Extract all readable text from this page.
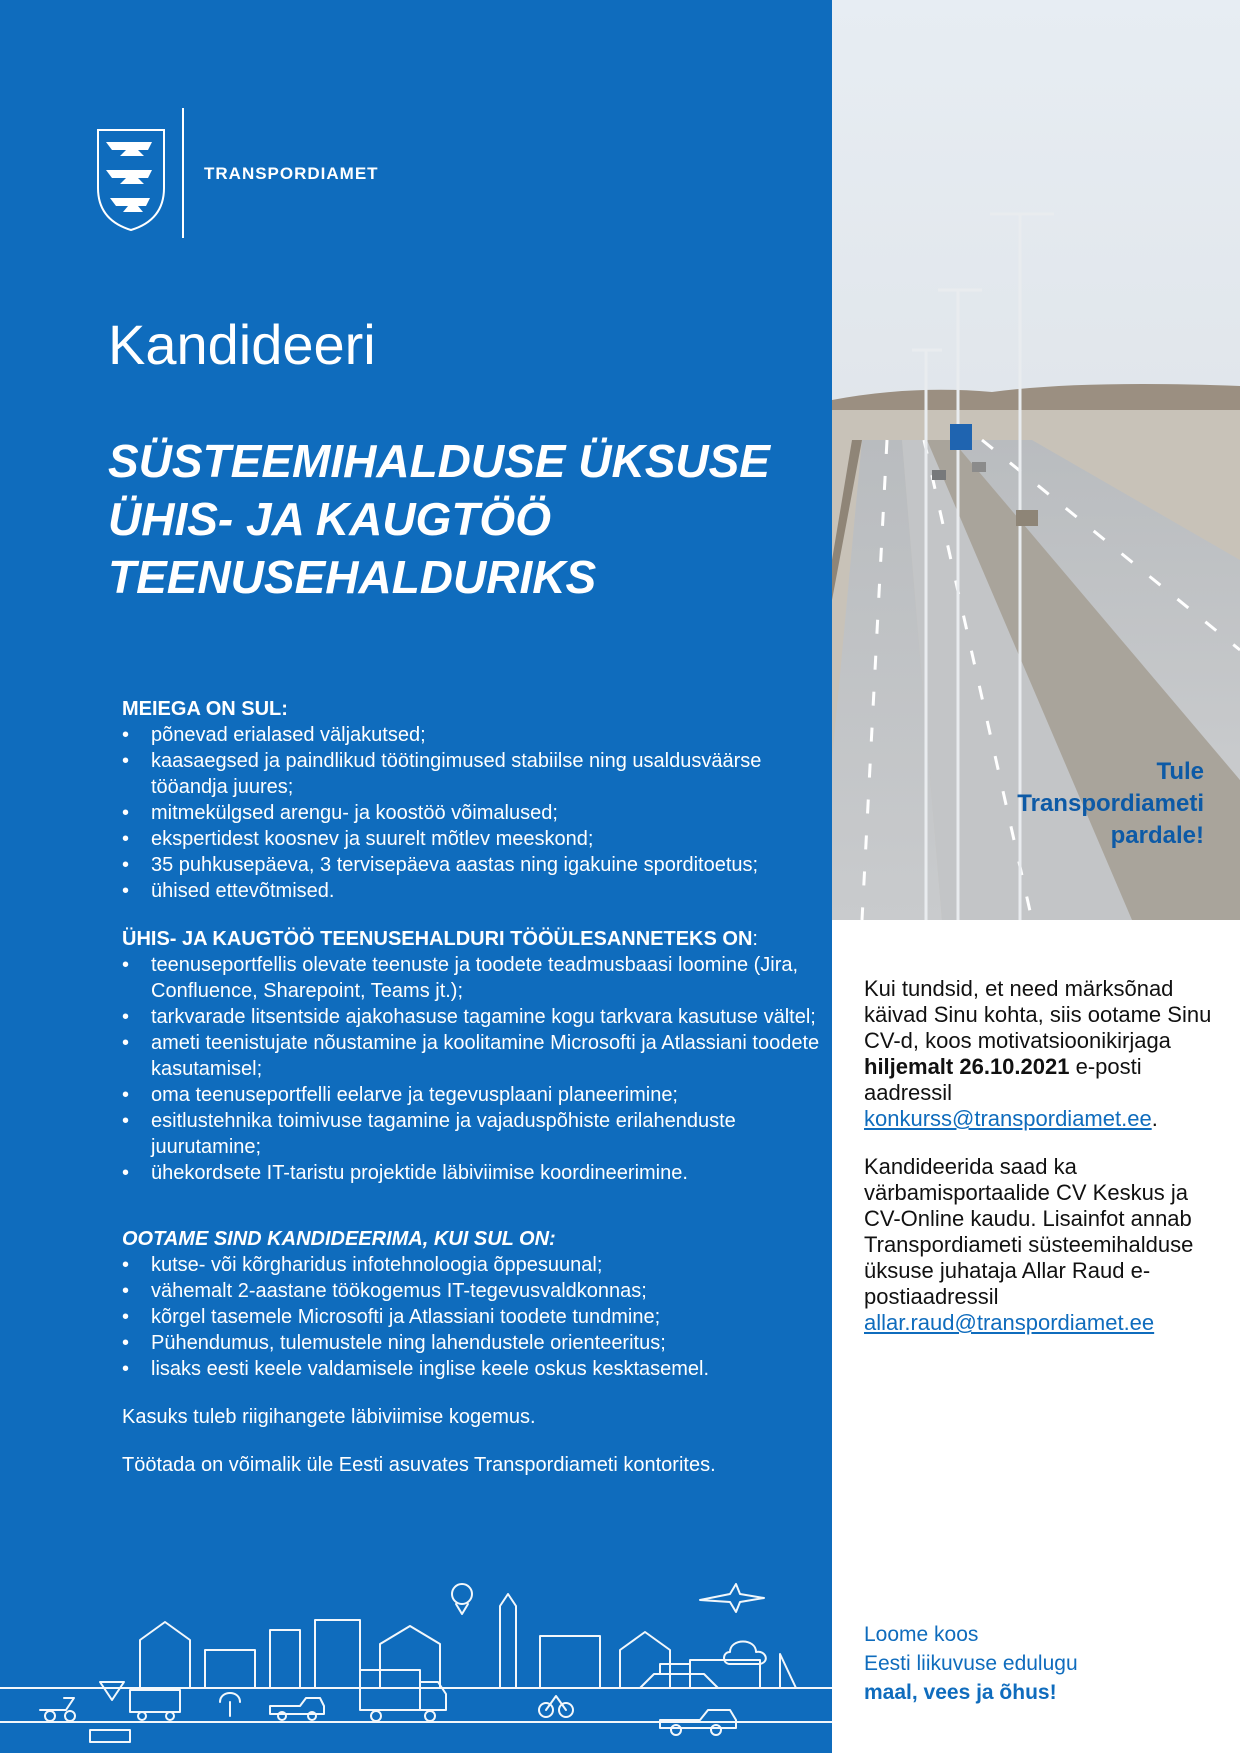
TRANSPORDIAMET
Kandideeri
SÜSTEEMIHALDUSE ÜKSUSE
ÜHIS- JA KAUGTÖÖ
TEENUSEHALDURIKS

MEIEGA ON SUL:

• põnevad erialased väljakutsed;
• kaasaegsed ja paindlikud töötingimused stabiilse ning usaldusväärse tööandja juures;
• mitmekülgsed arengu- ja koostöö võimalused;
• ekspertidest koosnev ja suurelt mõtlev meeskond;
• 35 puhkusepäeva, 3 tervisepäeva aastas ning igakuine sporditoetus;
• ühised ettevõtmised.

ÜHIS- JA KAUGTÖÖ TEENUSEHALDURI TÖÖÜLESANNETEKS ON:

• teenuseportfellis olevate teenuste ja toodete teadmusbaasi loomine (Jira, Confluence, Sharepoint, Teams jt.);
• tarkvarade litsentside ajakohasuse tagamine kogu tarkvara kasutuse vältel;
• ameti teenistujate nõustamine ja koolitamine Microsofti ja Atlassiani toodete kasutamisel;
• oma teenuseportfelli eelarve ja tegevusplaani planeerimine;
• esitlustehnika toimivuse tagamine ja vajaduspõhiste erilahenduste juurutamine;
• ühekordsete IT-taristu projektide läbiviimise koordineerimine.

OOTAME SIND KANDIDEERIMA, KUI SUL ON:

• kutse- või kõrgharidus infotehnoloogia õppesuunal;
• vähemalt 2-aastane töökogemus IT-tegevusvaldkonnas;
• kõrgel tasemele Microsofti ja Atlassiani toodete tundmine;
• Pühendumus, tulemustele ning lahendustele orienteeritus;
• lisaks eesti keele valdamisele inglise keele oskus kesktasemel.

Kasuks tuleb riigihangete läbiviimise kogemus.

Töötada on võimalik üle Eesti asuvates Transpordiameti kontorites.

Tule
Transpordiameti
pardale!

Kui tundsid, et need märksõnad käivad Sinu kohta, siis ootame Sinu CV-d, koos motivatsioonikirjaga hiljemalt 26.10.2021 e-posti aadressil konkurss@transpordiamet.ee.

Kandideerida saad ka värbamisportaalide CV Keskus ja CV-Online kaudu. Lisainfot annab Transpordiameti süsteemihalduse üksuse juhataja Allar Raud e-postiaadressil allar.raud@transpordiamet.ee

Loome koos
Eesti liikuvuse edulugu
maal, vees ja õhus!
